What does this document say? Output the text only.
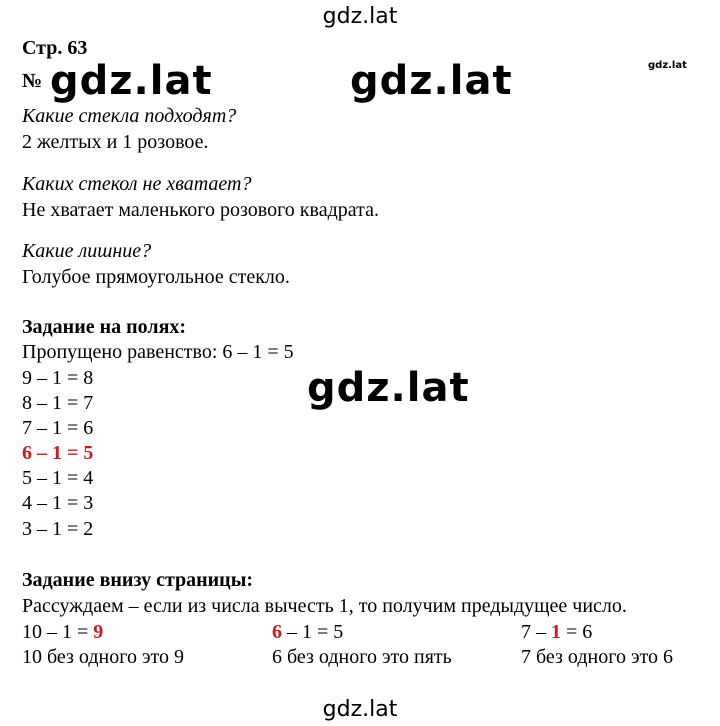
gdz.lat
gdz.lat	gdz.lat	gdz.lat
gdz.lat
gdz.lat
Стр. 63
№
Какие стекла подходят?
2 желтых и 1 розовое.
Каких стекол не хватает?
Не хватает маленького розового квадрата.
Какие лишние?
Голубое прямоугольное стекло.
Задание на полях:
Пропущено равенство: 6 – 1 = 5
9 – 1 = 8
8 – 1 = 7
7 – 1 = 6
6 – 1 = 5
5 – 1 = 4
4 – 1 = 3
3 – 1 = 2
Задание внизу страницы:
Рассуждаем – если из числа вычесть 1, то получим предыдущее число.
10 – 1 = 9
10 без одного это 9
6 – 1 = 5
6 без одного это пять
7 – 1 = 6
7 без одного это 6
